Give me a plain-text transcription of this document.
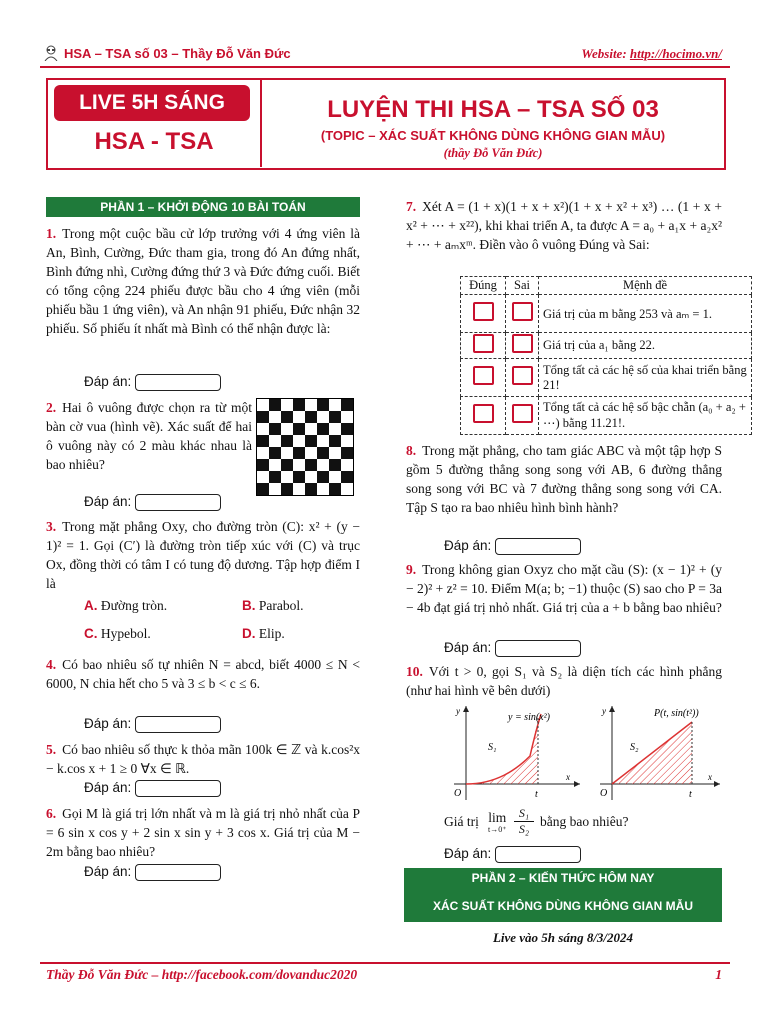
HSA – TSA số 03 – Thầy Đỗ Văn Đức	Website: http://hocimo.vn/
LIVE 5H SÁNG
HSA - TSA
LUYỆN THI HSA – TSA SỐ 03
(TOPIC – XÁC SUẤT KHÔNG DÙNG KHÔNG GIAN MẪU)
(thầy Đỗ Văn Đức)
PHẦN 1 – KHỞI ĐỘNG 10 BÀI TOÁN
1. Trong một cuộc bầu cử lớp trưởng với 4 ứng viên là An, Bình, Cường, Đức tham gia, trong đó An đứng nhất, Bình đứng nhì, Cường đứng thứ 3 và Đức đứng cuối. Biết có tổng cộng 224 phiếu được bầu cho 4 ứng viên (mỗi phiếu bầu 1 ứng viên), và An nhận 91 phiếu, Đức nhận 32 phiếu. Số phiếu ít nhất mà Bình có thể nhận được là:
Đáp án:
2. Hai ô vuông được chọn ra từ một bàn cờ vua (hình vẽ). Xác suất để hai ô vuông này có 2 màu khác nhau là bao nhiêu?
Đáp án:
3. Trong mặt phẳng Oxy, cho đường tròn (C): x² + (y − 1)² = 1. Gọi (C′) là đường tròn tiếp xúc với (C) và trục Ox, đồng thời có tâm I có tung độ dương. Tập hợp điểm I là
A. Đường tròn.	B. Parabol.
C. Hypebol.	D. Elip.
4. Có bao nhiêu số tự nhiên N = abcd, biết 4000 ≤ N < 6000, N chia hết cho 5 và 3 ≤ b < c ≤ 6.
Đáp án:
5. Có bao nhiêu số thực k thỏa mãn 100k ∈ ℤ và k.cos²x − k.cos x + 1 ≥ 0 ∀x ∈ ℝ.
Đáp án:
6. Gọi M là giá trị lớn nhất và m là giá trị nhỏ nhất của P = 6 sin x cos y + 2 sin x sin y + 3 cos x. Giá trị của M − 2m bằng bao nhiêu?
Đáp án:
7. Xét A = (1 + x)(1 + x + x²)(1 + x + x² + x³) … (1 + x + x² + ⋯ + x²²), khi khai triển A, ta được A = a₀ + a₁x + a₂x² + ⋯ + aₘxᵐ. Điền vào ô vuông Đúng và Sai:
Đúng	Sai	Mệnh đề
		Giá trị của m bằng 253 và aₘ = 1.
		Giá trị của a₁ bằng 22.
		Tổng tất cả các hệ số của khai triển bằng 21!
		Tổng tất cả các hệ số bậc chẵn (a₀ + a₂ + ⋯) bằng 11.21!.
8. Trong mặt phẳng, cho tam giác ABC và một tập hợp S gồm 5 đường thẳng song song với AB, 6 đường thẳng song song với BC và 7 đường thẳng song song với CA. Tập S tạo ra bao nhiêu hình bình hành?
Đáp án:
9. Trong không gian Oxyz cho mặt cầu (S): (x − 1)² + (y − 2)² + z² = 10. Điểm M(a; b; −1) thuộc (S) sao cho P = 3a − 4b đạt giá trị nhỏ nhất. Giá trị của a + b bằng bao nhiêu?
Đáp án:
10. Với t > 0, gọi S₁ và S₂ là diện tích các hình phẳng (như hai hình vẽ bên dưới)
y = sin(x²)
S₁
x
y
O	t
P(t, sin(t²))
S₂
x
y
O	t
Giá trị lim
$^{t\to 0^+}$
S₁
S₂ bằng bao nhiêu?
Đáp án:
PHẦN 2 – KIẾN THỨC HÔM NAY
XÁC SUẤT KHÔNG DÙNG KHÔNG GIAN MẪU
Live vào 5h sáng 8/3/2024
Thầy Đỗ Văn Đức – http://facebook.com/dovanduc2020	1
